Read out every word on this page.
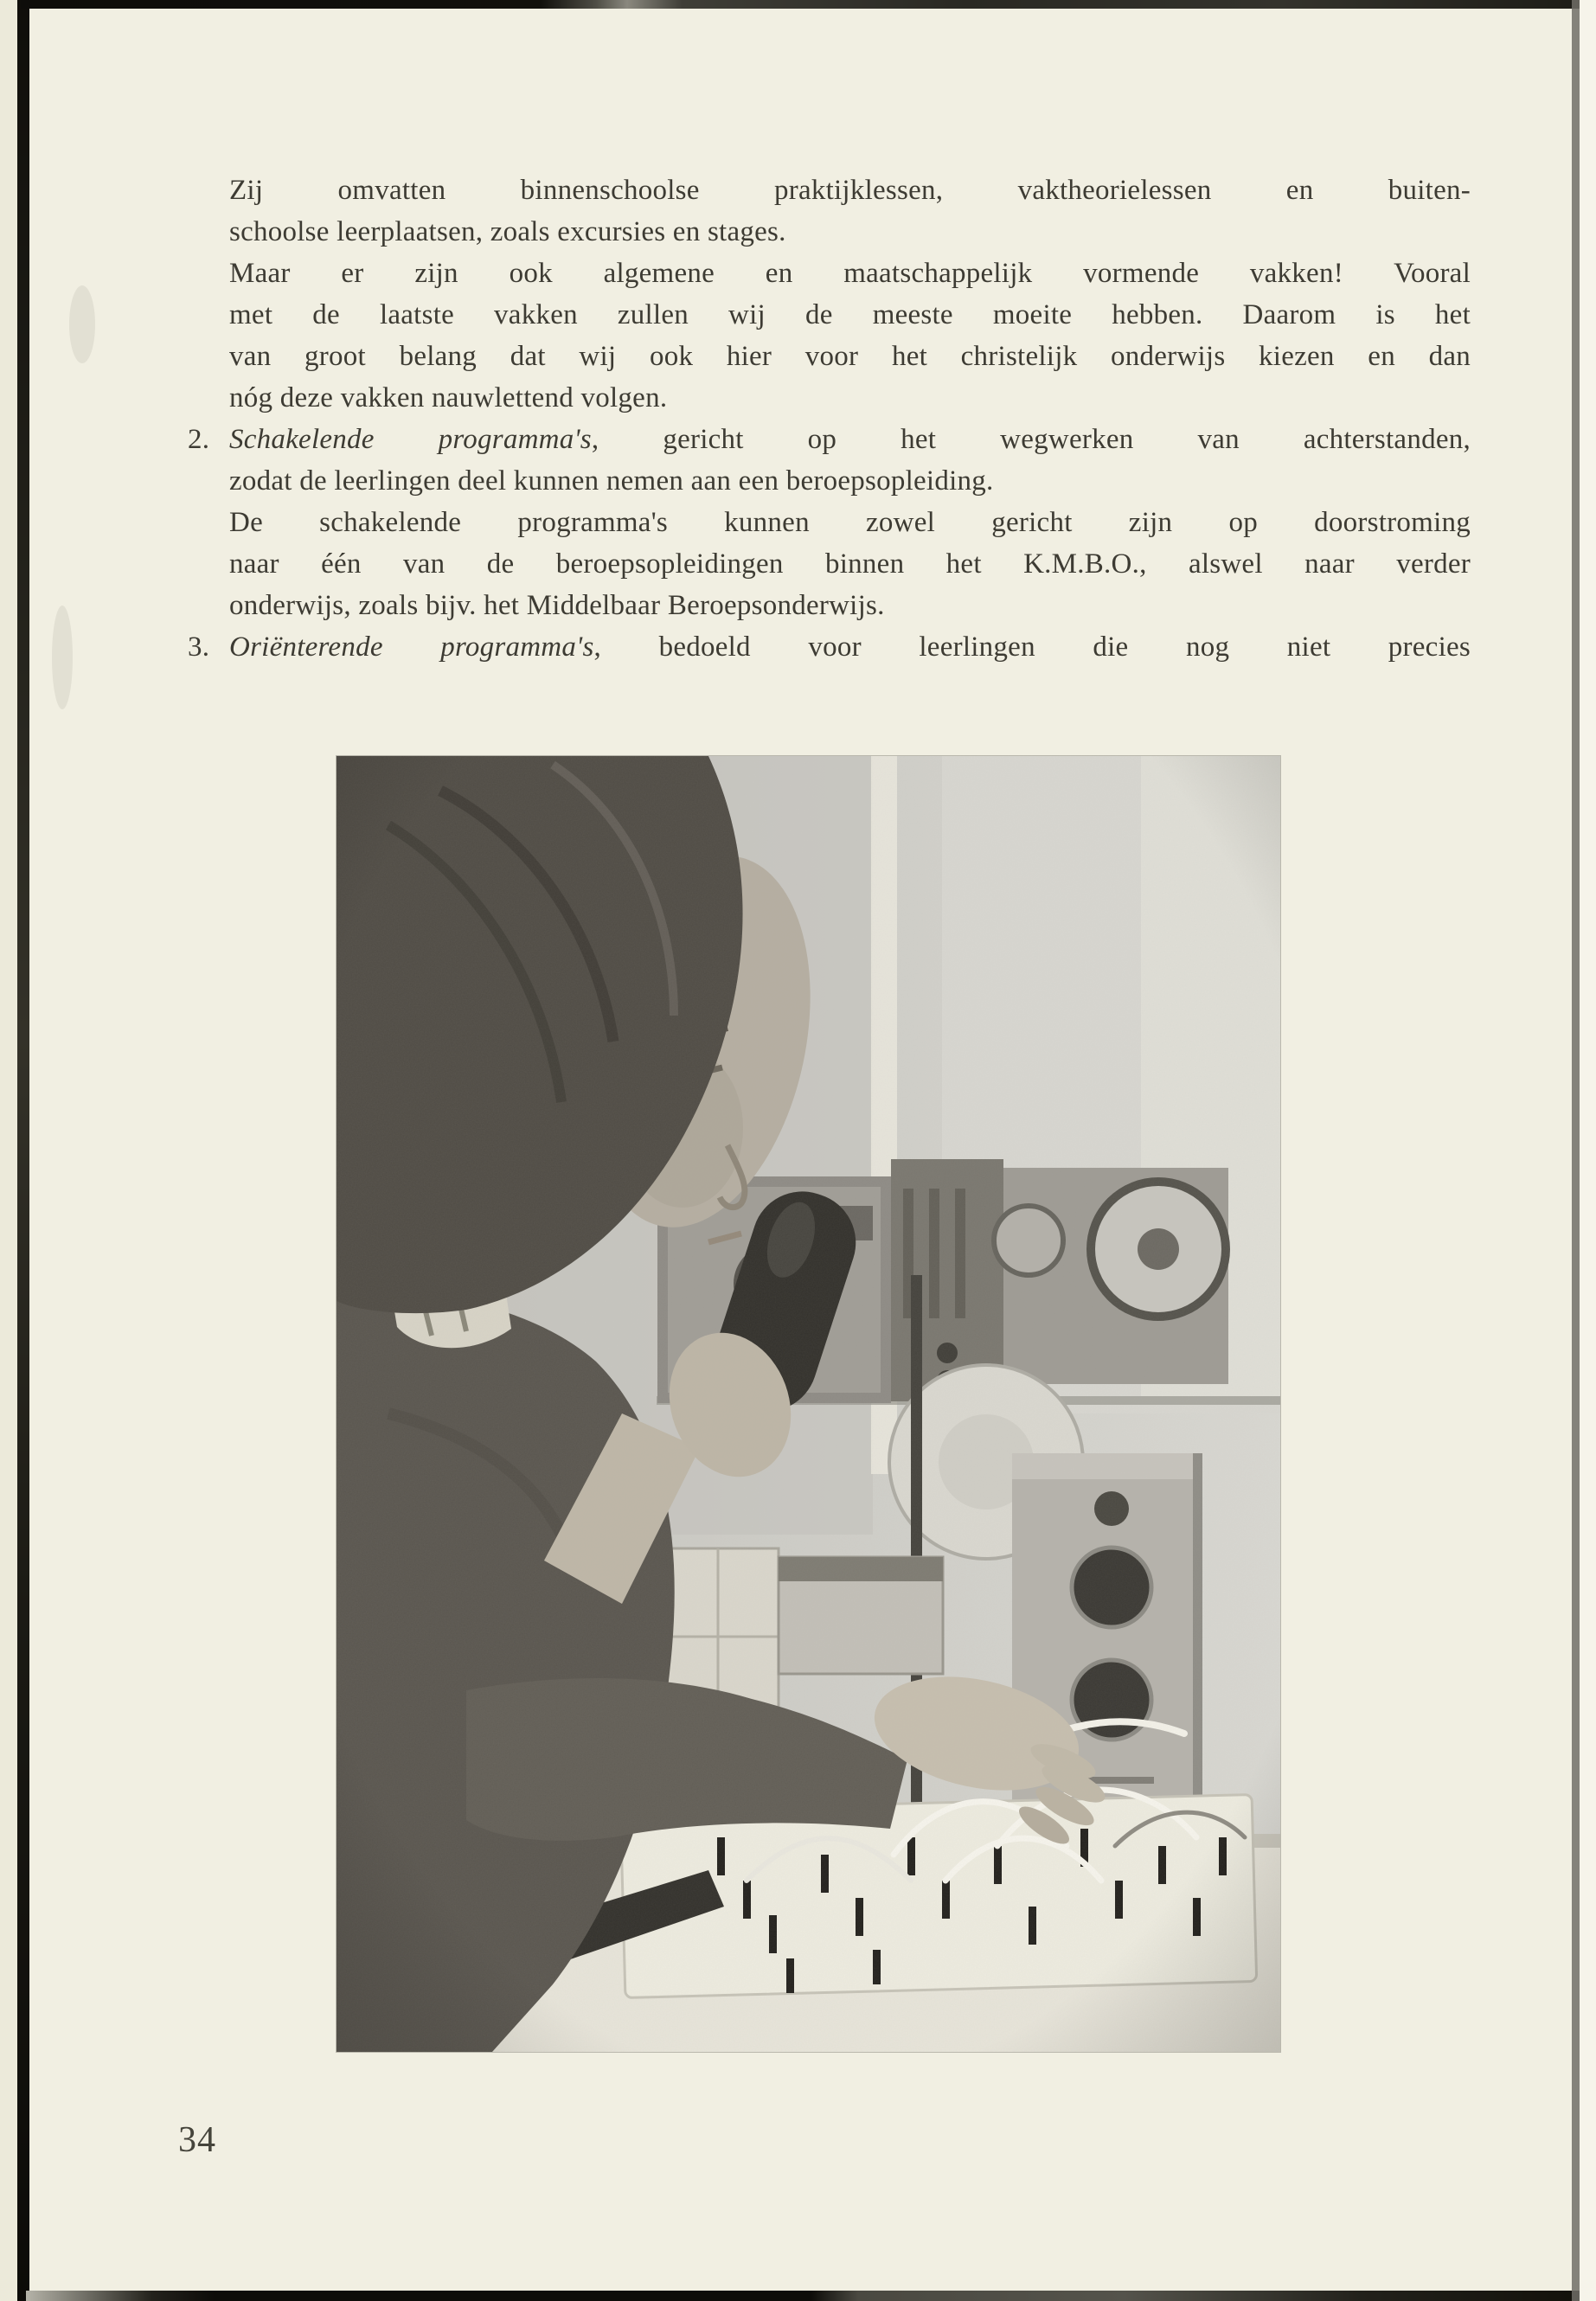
Zij omvatten binnenschoolse praktijklessen, vaktheorielessen en buiten-
schoolse leerplaatsen, zoals excursies en stages.
Maar er zijn ook algemene en maatschappelijk vormende vakken! Vooral
met de laatste vakken zullen wij de meeste moeite hebben. Daarom is het
van groot belang dat wij ook hier voor het christelijk onderwijs kiezen en dan
nóg deze vakken nauwlettend volgen.
2. Schakelende programma's, gericht op het wegwerken van achterstanden,
zodat de leerlingen deel kunnen nemen aan een beroepsopleiding.
De schakelende programma's kunnen zowel gericht zijn op doorstroming
naar één van de beroepsopleidingen binnen het K.M.B.O., alswel naar verder
onderwijs, zoals bijv. het Middelbaar Beroepsonderwijs.
3. Oriënterende programma's, bedoeld voor leerlingen die nog niet precies
34
